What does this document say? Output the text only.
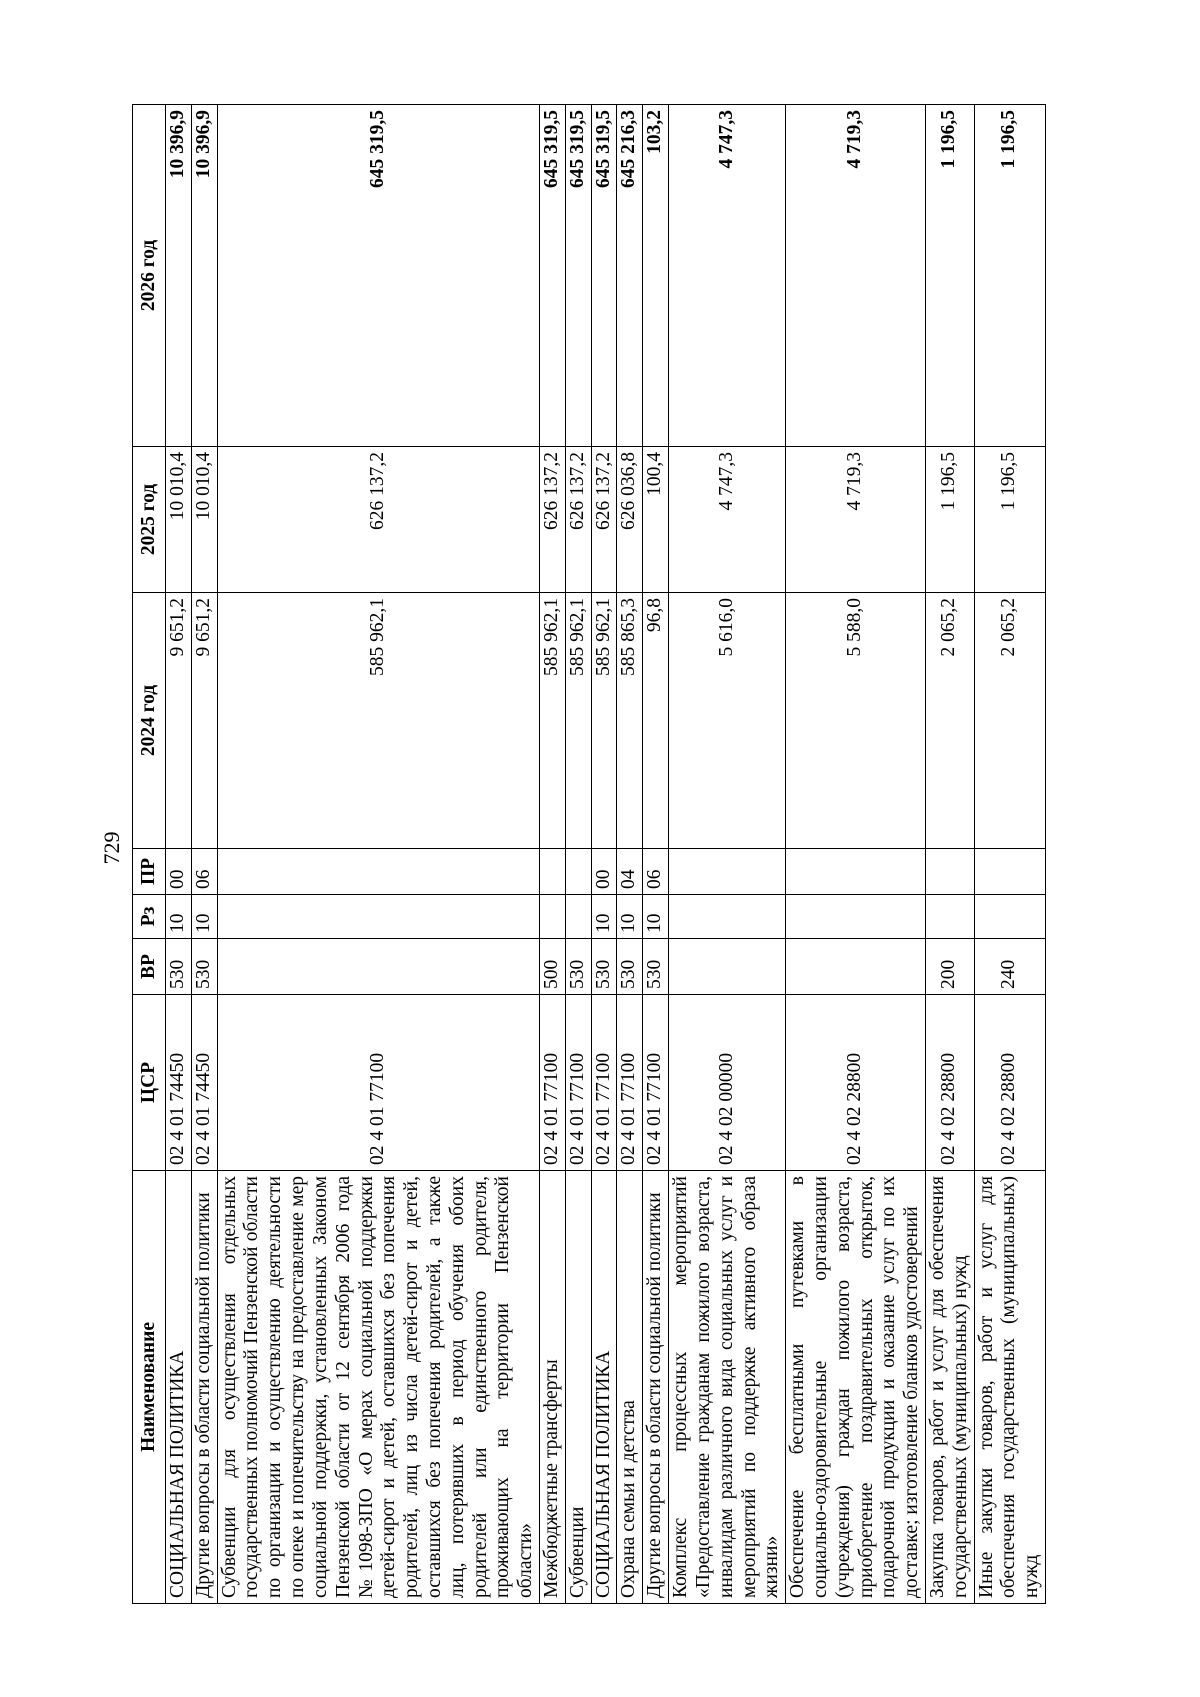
729
Наименование	ЦСР	ВР	Рз	ПР	2024 год	2025 год	2026 год
СОЦИАЛЬНАЯ ПОЛИТИКА	02 4 01 74450	530	10	00	9 651,2	10 010,4	10 396,9
Другие вопросы в области социальной политики	02 4 01 74450	530	10	06	9 651,2	10 010,4	10 396,9
Субвенции для осуществления отдельных государственных полномочий Пензенской области по организации и осуществлению деятельности по опеке и попечительству на предоставление мер социальной поддержки, установленных Законом Пензенской области от 12 сентября 2006 года №1098-ЗПО «О мерах социальной поддержки детей-сирот и детей, оставшихся без попечения родителей, лиц из числа детей-сирот и детей, оставшихся без попечения родителей, а также лиц, потерявших в период обучения обоих родителей или единственного родителя, проживающих на территории Пензенской области»	02 4 01 77100				585 962,1	626 137,2	645 319,5
Межбюджетные трансферты	02 4 01 77100	500			585 962,1	626 137,2	645 319,5
Субвенции	02 4 01 77100	530			585 962,1	626 137,2	645 319,5
СОЦИАЛЬНАЯ ПОЛИТИКА	02 4 01 77100	530	10	00	585 962,1	626 137,2	645 319,5
Охрана семьи и детства	02 4 01 77100	530	10	04	585 865,3	626 036,8	645 216,3
Другие вопросы в области социальной политики	02 4 01 77100	530	10	06	96,8	100,4	103,2
Комплекс процессных мероприятий «Предоставление гражданам пожилого возраста, инвалидам различного вида социальных услуг и мероприятий по поддержке активного образа жизни»	02 4 02 00000				5 616,0	4 747,3	4 747,3
Обеспечение бесплатными путевками в социально-оздоровительные организации (учреждения) граждан пожилого возраста, приобретение поздравительных открыток, подарочной продукции и оказание услуг по их доставке; изготовление бланков удостоверений	02 4 02 28800				5 588,0	4 719,3	4 719,3
Закупка товаров, работ и услуг для обеспечения государственных (муниципальных) нужд	02 4 02 28800	200			2 065,2	1 196,5	1 196,5
Иные закупки товаров, работ и услуг для обеспечения государственных (муниципальных) нужд	02 4 02 28800	240			2 065,2	1 196,5	1 196,5
